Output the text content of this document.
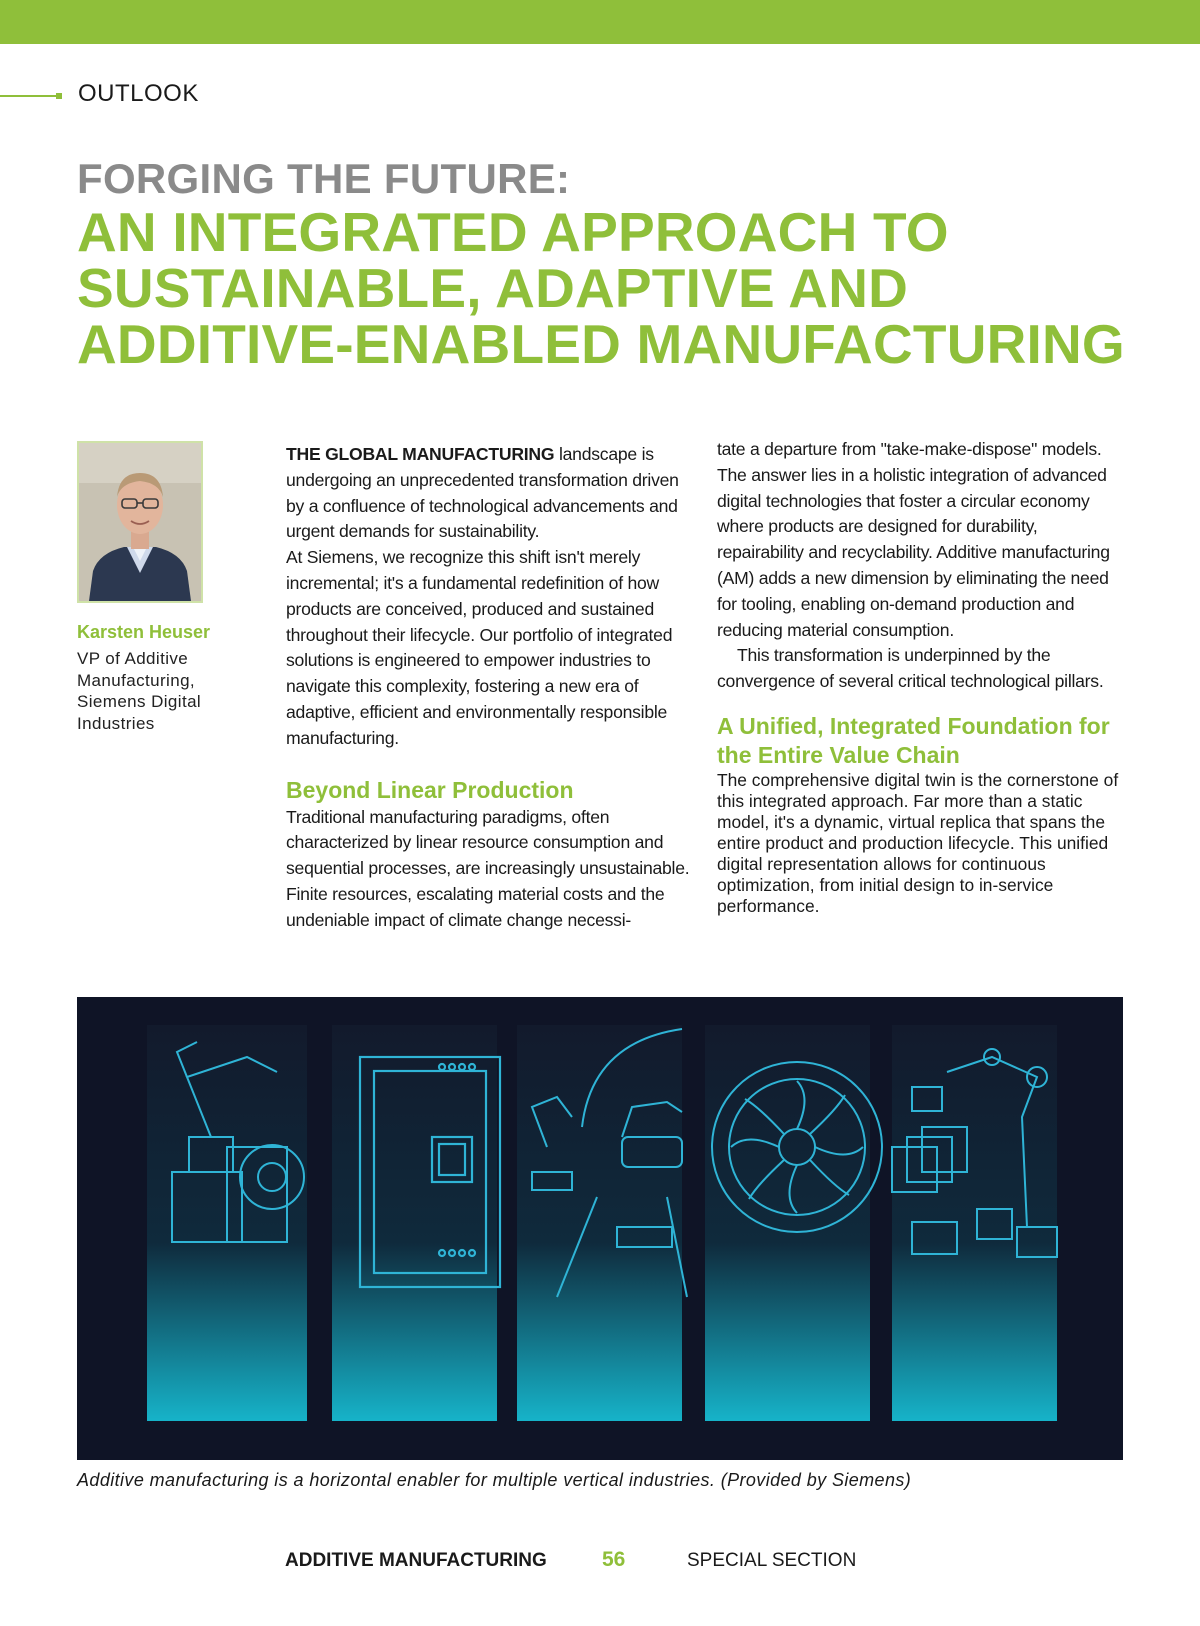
OUTLOOK
FORGING THE FUTURE:
AN INTEGRATED APPROACH TO
SUSTAINABLE, ADAPTIVE AND
ADDITIVE-ENABLED MANUFACTURING
Karsten Heuser
VP of Additive Manufacturing, Siemens Digital Industries

THE GLOBAL MANUFACTURING landscape is undergoing an unprecedented transformation driven by a confluence of technological advancements and urgent demands for sustainability.

At Siemens, we recognize this shift isn't merely incremental; it's a fundamental redefinition of how products are conceived, produced and sustained throughout their lifecycle. Our portfolio of integrated solutions is engineered to empower industries to navigate this complexity, fostering a new era of adaptive, efficient and environmentally responsible manufacturing.

Beyond Linear Production

Traditional manufacturing paradigms, often characterized by linear resource consumption and sequential processes, are increasingly unsustainable. Finite resources, escalating material costs and the undeniable impact of climate change necessi-

tate a departure from "take-make-dispose" models. The answer lies in a holistic integration of advanced digital technologies that foster a circular economy where products are designed for durability, repairability and recyclability. Additive manufacturing (AM) adds a new dimension by eliminating the need for tooling, enabling on-demand production and reducing material consumption.

This transformation is underpinned by the convergence of several critical technological pillars.

A Unified, Integrated Foundation for the Entire Value Chain

The comprehensive digital twin is the cornerstone of this integrated approach. Far more than a static model, it's a dynamic, virtual replica that spans the entire product and production lifecycle. This unified digital representation allows for continuous optimization, from initial design to in-service performance.

Additive manufacturing is a horizontal enabler for multiple vertical industries. (Provided by Siemens)
ADDITIVE MANUFACTURING	56	SPECIAL SECTION
